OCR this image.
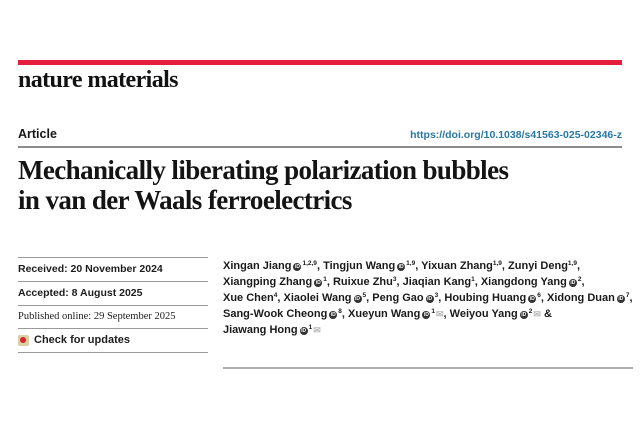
nature materials
Article	https://doi.org/10.1038/s41563-025-02346-z
Mechanically liberating polarization bubbles
in van der Waals ferroelectrics
Received: 20 November 2024
Accepted: 8 August 2025
Published online: 29 September 2025
Check for updates
Xingan Jiang iD $^{1,2,9}$, Tingjun Wang iD $^{1,9}$, Yixuan Zhang$^{1,9}$, Zunyi Deng$^{1,9}$,
Xiangping Zhang iD $^1$, Ruixue Zhu$^3$, Jiaqian Kang$^1$, Xiangdong Yang iD $^2$,
Xue Chen$^4$, Xiaolei Wang iD $^5$, Peng Gao iD $^3$, Houbing Huang iD $^6$, Xidong Duan iD $^7$,
Sang-Wook Cheong iD $^8$, Xueyun Wang iD $^1$✉, Weiyou Yang iD $^2$✉ &
Jiawang Hong iD $^1$✉
